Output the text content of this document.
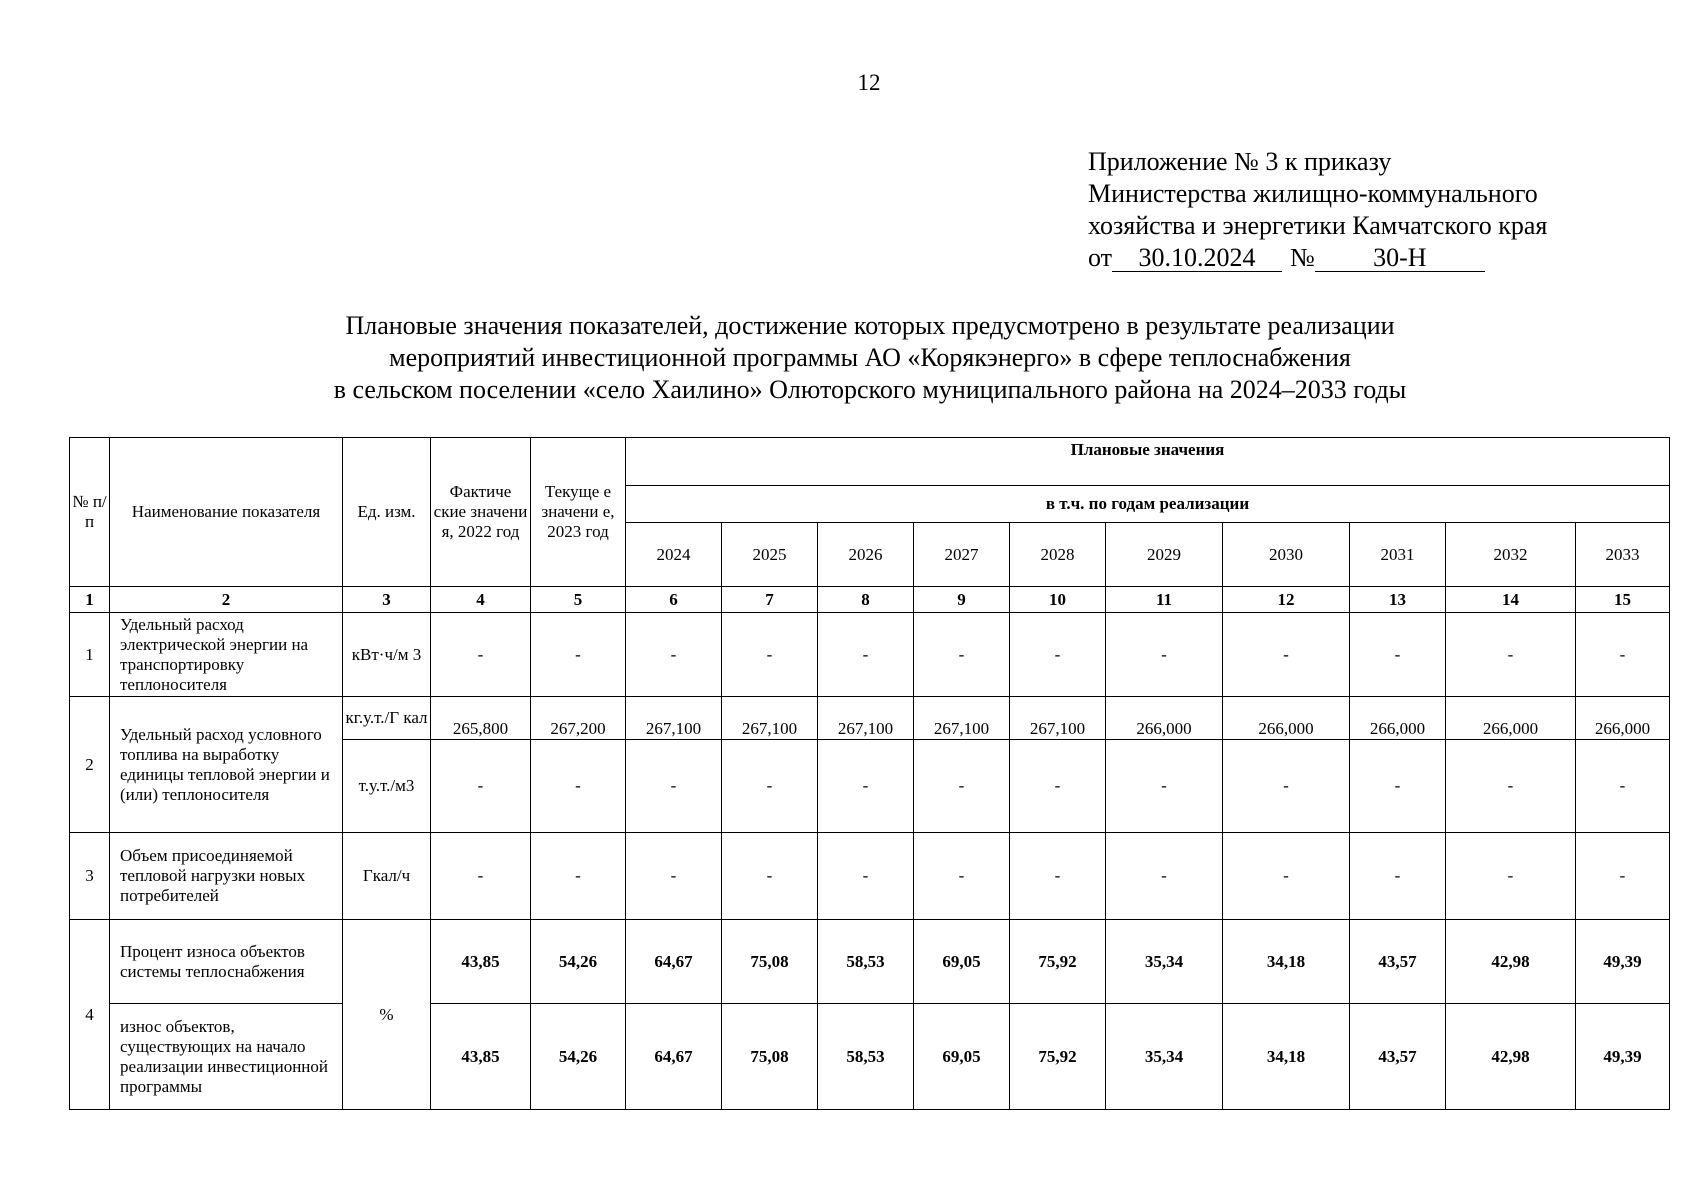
12
Приложение № 3 к приказу
Министерства жилищно-коммунального
хозяйства и энергетики Камчатского края
от 30.10.2024 № 30-Н
Плановые значения показателей, достижение которых предусмотрено в результате реализации
мероприятий инвестиционной программы АО «Корякэнерго» в сфере теплоснабжения
в сельском поселении «село Хаилино» Олюторского муниципального района на 2024–2033 годы
№ п/ п	Наименование показателя	Ед. изм.	Фактиче ские значени я, 2022 год	Текуще е значени е, 2023 год	Плановые значения									
					в т.ч. по годам реализации									
					2024	2025	2026	2027	2028	2029	2030	2031	2032	2033
1	2	3	4	5	6	7	8	9	10	11	12	13	14	15
1	Удельный расход электрической энергии на транспортировку теплоносителя	кВт·ч/м 3	-	-	-	-	-	-	-	-	-	-	-	-
2	Удельный расход условного топлива на выработку единицы тепловой энергии и (или) теплоносителя	кг.у.т./Г кал	265,800	267,200	267,100	267,100	267,100	267,100	267,100	266,000	266,000	266,000	266,000	266,000
		т.у.т./м3	-	-	-	-	-	-	-	-	-	-	-	-
3	Объем присоединяемой тепловой нагрузки новых потребителей	Гкал/ч	-	-	-	-	-	-	-	-	-	-	-	-
4	Процент износа объектов системы теплоснабжения	%	43,85	54,26	64,67	75,08	58,53	69,05	75,92	35,34	34,18	43,57	42,98	49,39
	износ объектов, существующих на начало реализации инвестиционной программы		43,85	54,26	64,67	75,08	58,53	69,05	75,92	35,34	34,18	43,57	42,98	49,39
